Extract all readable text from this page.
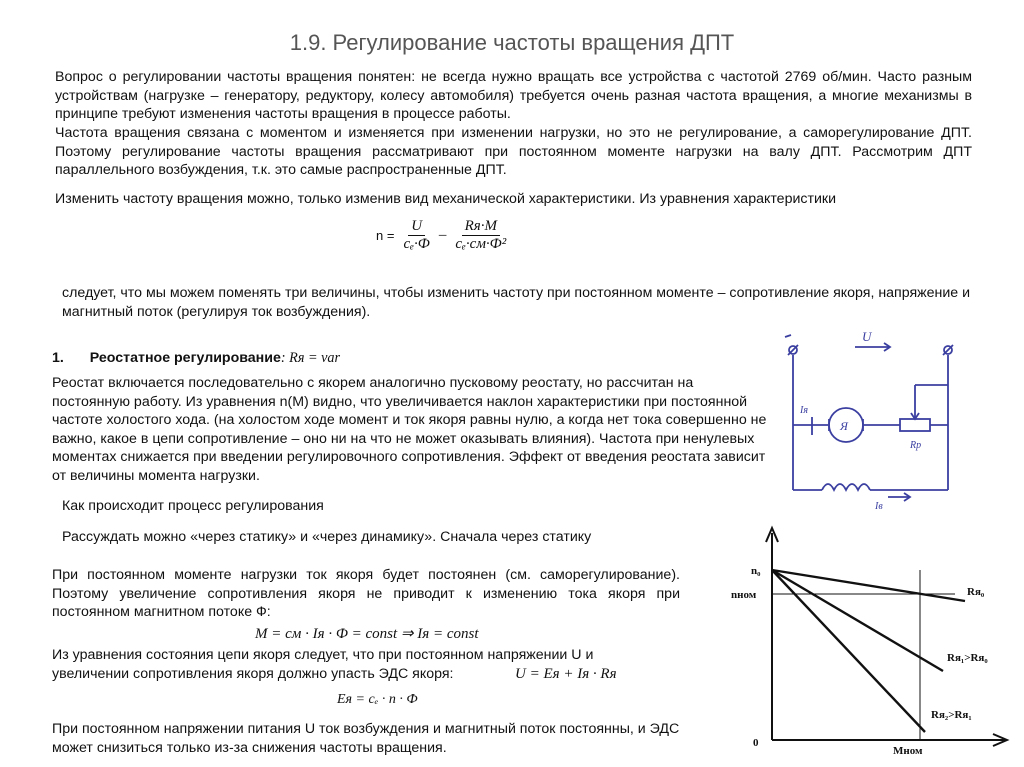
1.9. Регулирование частоты вращения ДПТ

Вопрос о регулировании частоты вращения понятен: не всегда нужно вращать все устройства с частотой 2769 об/мин. Часто разным устройствам (нагрузке – генератору, редуктору, колесу автомобиля) требуется очень разная частота вращения, а многие механизмы в принципе требуют изменения частоты вращения в процессе работы.

Частота вращения связана с моментом и изменяется при изменении нагрузки, но это не регулирование, а саморегулирование ДПТ. Поэтому регулирование частоты вращения рассматривают при постоянном моменте нагрузки на валу ДПТ. Рассмотрим ДПТ параллельного возбуждения, т.к. это самые распространенные ДПТ.

Изменить частоту вращения можно, только изменив вид механической характеристики. Из уравнения характеристики

$n = \frac{U}{\text{cₑ·Ф}} - \frac{Rя\cdot M}{\text{cₑ·cм·Ф²}}$

следует, что мы можем поменять три величины, чтобы изменить частоту при постоянном моменте – сопротивление якоря, напряжение и магнитный поток (регулируя ток возбуждения).

1. Реостатное регулирование: Rя = var

Реостат включается последовательно с якорем аналогично пусковому реостату, но рассчитан на постоянную работу. Из уравнения n(M) видно, что увеличивается наклон характеристики при постоянной частоте холостого хода. (на холостом ходе момент и ток якоря равны нулю, а когда нет тока совершенно не важно, какое в цепи сопротивление – оно ни на что не может оказывать влияния). Частота при ненулевых моментах снижается при введении регулировочного сопротивления. Эффект от введения реостата зависит от величины момента нагрузки.

Как происходит процесс регулирования

Рассуждать можно «через статику» и «через динамику». Сначала через статику

При постоянном моменте нагрузки ток якоря будет постоянен (см. саморегулирование). Поэтому увеличение сопротивления якоря не приводит к изменению тока якоря при постоянном магнитном потоке Ф:

M = cм · Iя · Ф = const ⇒ Iя = const

Из уравнения состояния цепи якоря следует, что при постоянном напряжении U и увеличении сопротивления якоря должно упасть ЭДС якоря:	U = Eя + Iя · Rя
Eя = cₑ · n · Ф

При постоянном напряжении питания U ток возбуждения и магнитный поток постоянны, и ЭДС может снизиться только из-за снижения частоты вращения.

U
Iя
Я
Rр
Iв
n₀
nном
0
Mном
Rя₀
Rя₁>Rя₀
Rя₂>Rя₁
